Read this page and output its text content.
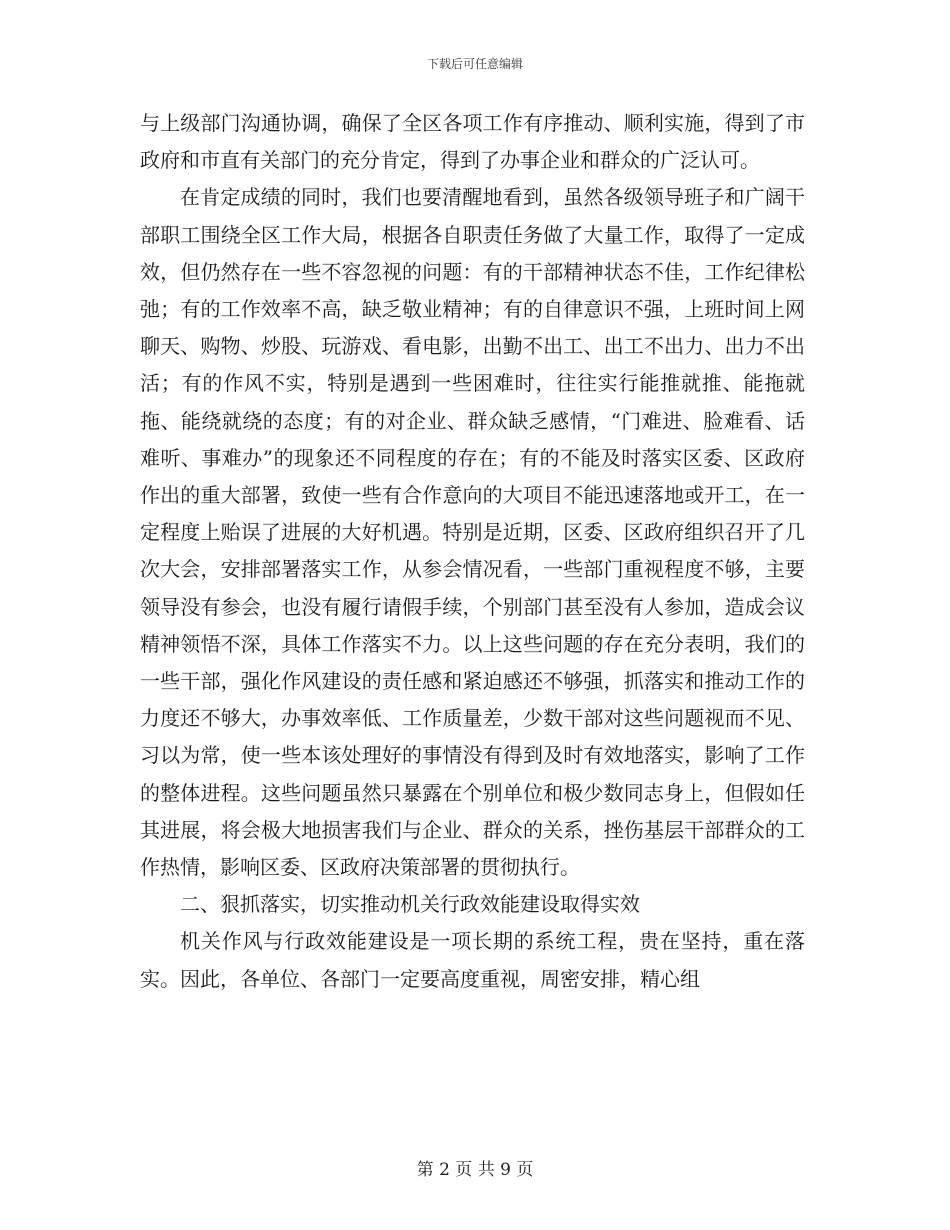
下载后可任意编辑

与上级部门沟通协调，确保了全区各项工作有序推动、顺利实施，得到了市政府和市直有关部门的充分肯定，得到了办事企业和群众的广泛认可。

在肯定成绩的同时，我们也要清醒地看到，虽然各级领导班子和广阔干部职工围绕全区工作大局，根据各自职责任务做了大量工作，取得了一定成效，但仍然存在一些不容忽视的问题：有的干部精神状态不佳，工作纪律松弛；有的工作效率不高，缺乏敬业精神；有的自律意识不强，上班时间上网聊天、购物、炒股、玩游戏、看电影，出勤不出工、出工不出力、出力不出活；有的作风不实，特别是遇到一些困难时，往往实行能推就推、能拖就拖、能绕就绕的态度；有的对企业、群众缺乏感情，“门难进、脸难看、话难听、事难办”的现象还不同程度的存在；有的不能及时落实区委、区政府作出的重大部署，致使一些有合作意向的大项目不能迅速落地或开工，在一定程度上贻误了进展的大好机遇。特别是近期，区委、区政府组织召开了几次大会，安排部署落实工作，从参会情况看，一些部门重视程度不够，主要领导没有参会，也没有履行请假手续，个别部门甚至没有人参加，造成会议精神领悟不深，具体工作落实不力。以上这些问题的存在充分表明，我们的一些干部，强化作风建设的责任感和紧迫感还不够强，抓落实和推动工作的力度还不够大，办事效率低、工作质量差，少数干部对这些问题视而不见、习以为常，使一些本该处理好的事情没有得到及时有效地落实，影响了工作的整体进程。这些问题虽然只暴露在个别单位和极少数同志身上，但假如任其进展，将会极大地损害我们与企业、群众的关系，挫伤基层干部群众的工作热情，影响区委、区政府决策部署的贯彻执行。

二、狠抓落实，切实推动机关行政效能建设取得实效

机关作风与行政效能建设是一项长期的系统工程，贵在坚持，重在落实。因此，各单位、各部门一定要高度重视，周密安排，精心组

第 2 页 共 9 页
